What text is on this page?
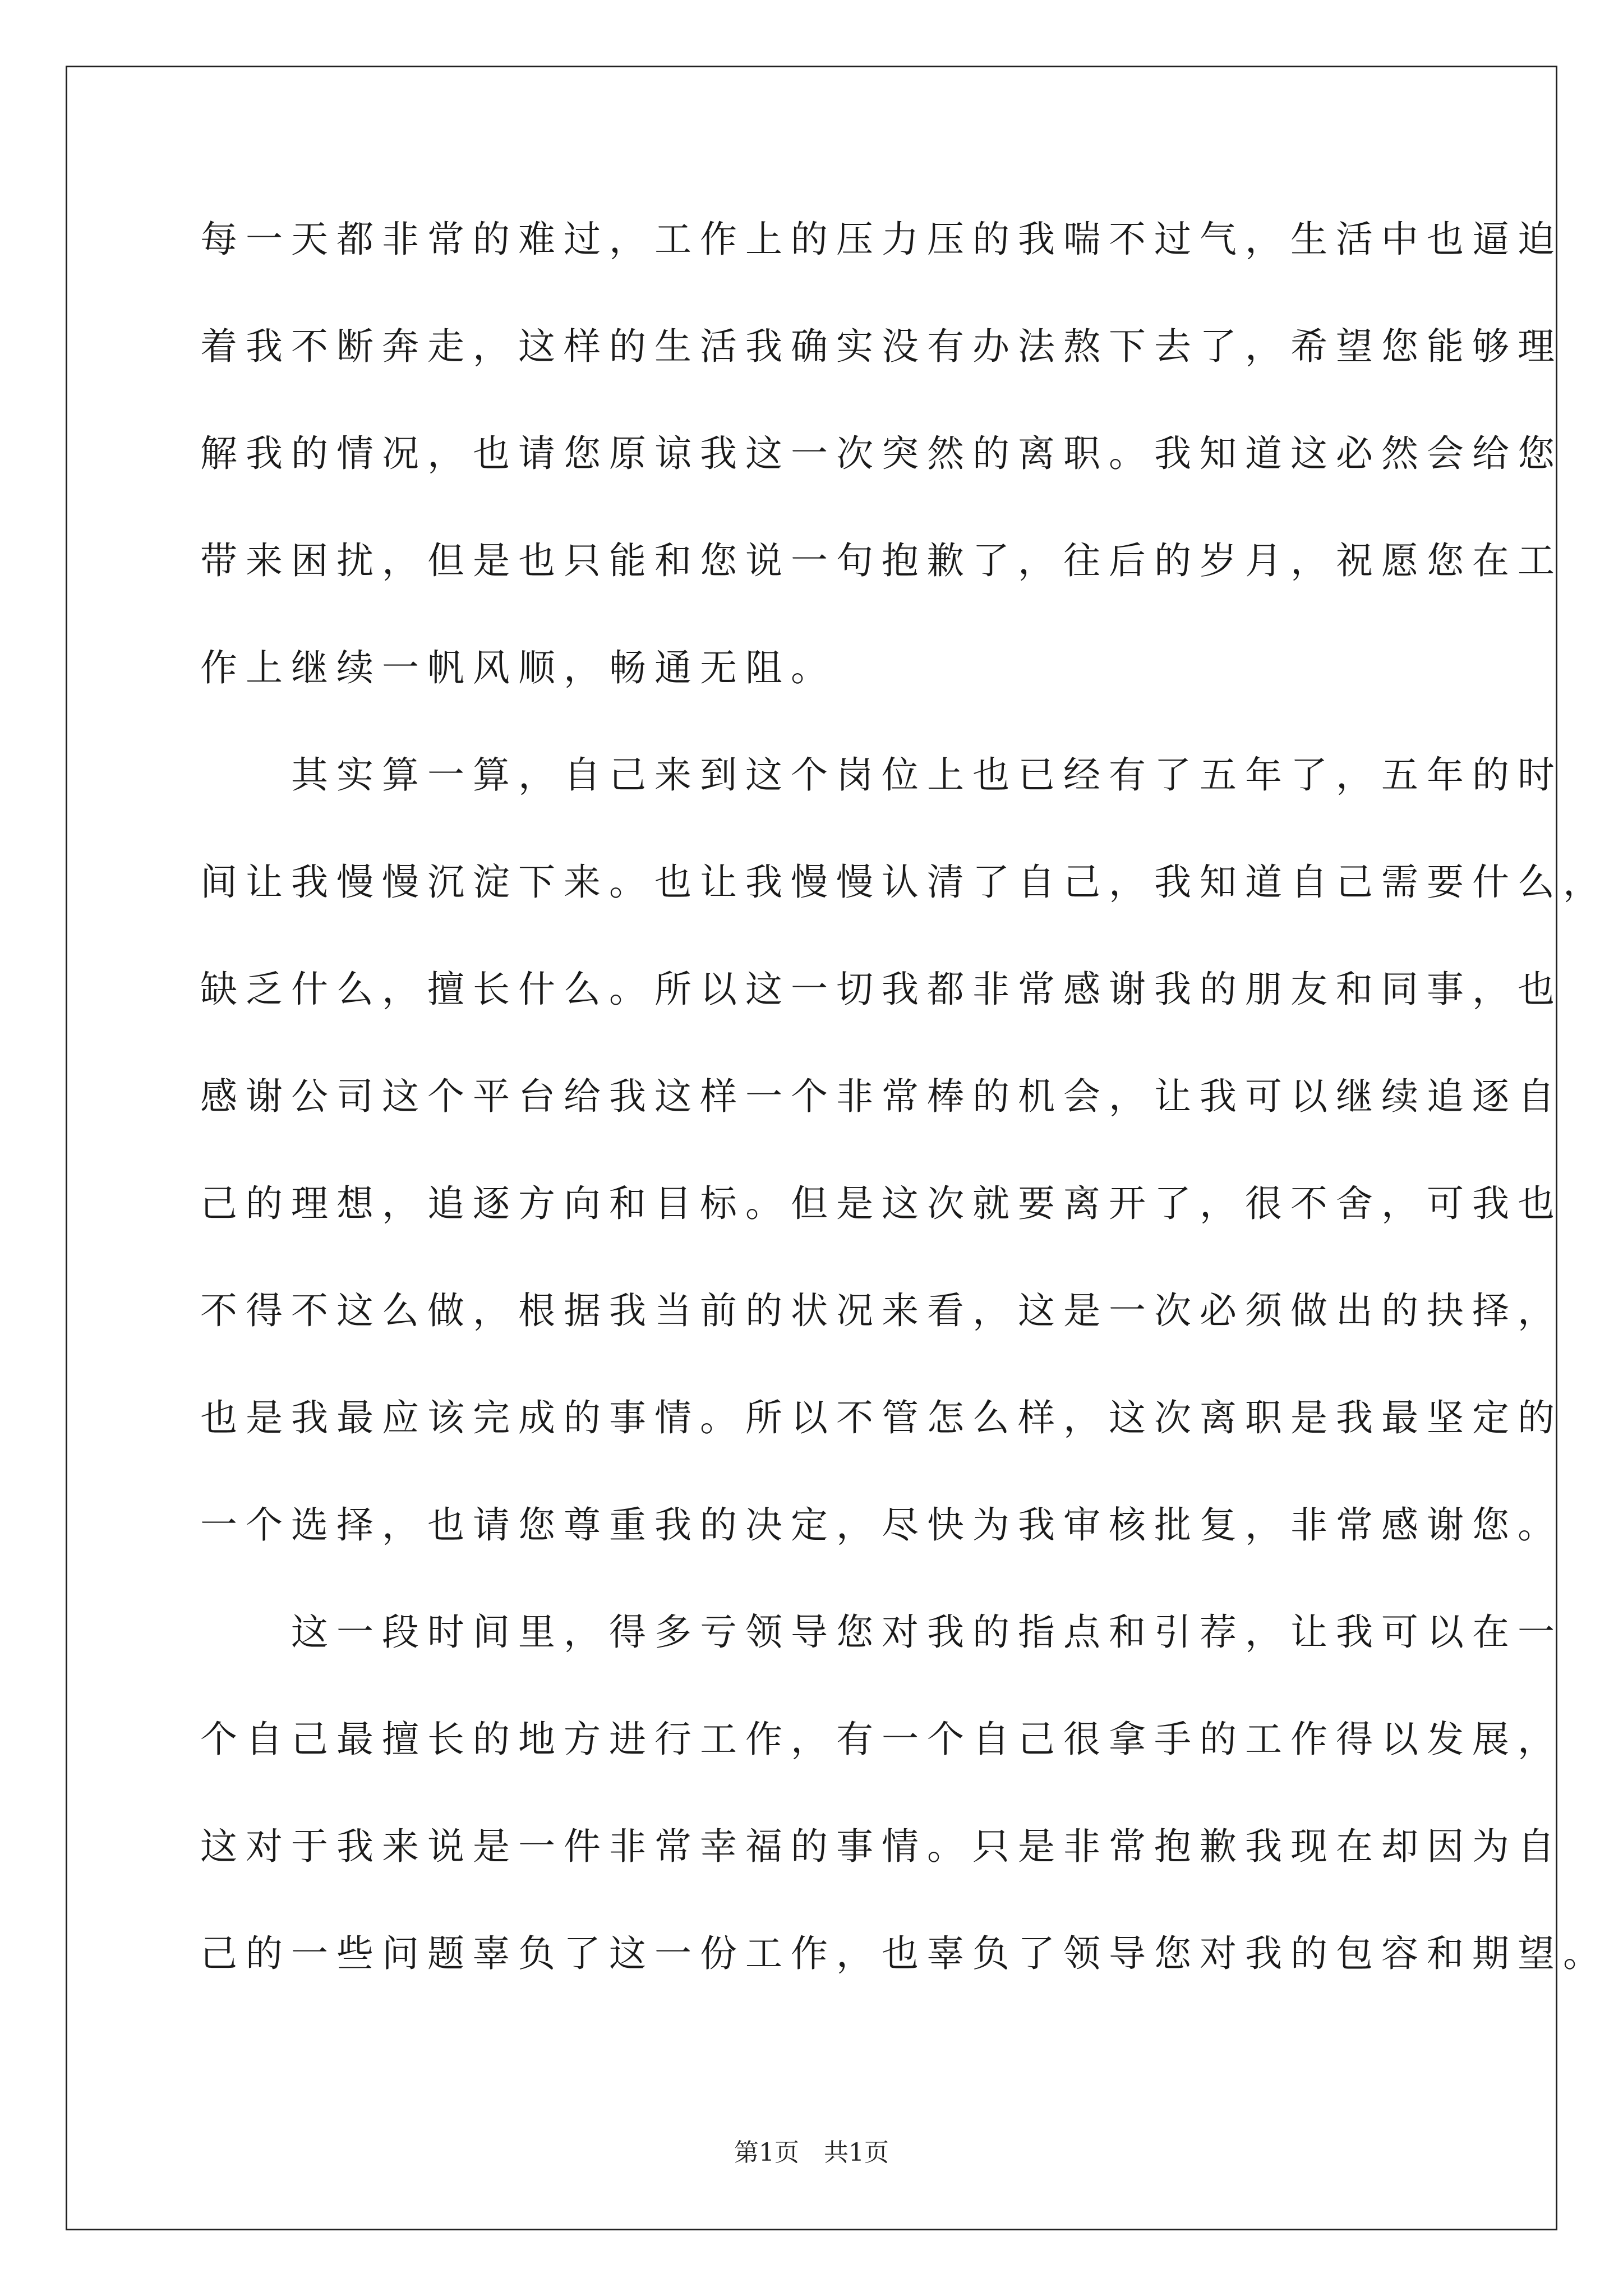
每一天都非常的难过，工作上的压力压的我喘不过气，生活中也逼迫
着我不断奔走，这样的生活我确实没有办法熬下去了，希望您能够理
解我的情况，也请您原谅我这一次突然的离职。我知道这必然会给您
带来困扰，但是也只能和您说一句抱歉了，往后的岁月，祝愿您在工
作上继续一帆风顺，畅通无阻。
　　其实算一算，自己来到这个岗位上也已经有了五年了，五年的时
间让我慢慢沉淀下来。也让我慢慢认清了自己，我知道自己需要什么，
缺乏什么，擅长什么。所以这一切我都非常感谢我的朋友和同事，也
感谢公司这个平台给我这样一个非常棒的机会，让我可以继续追逐自
己的理想，追逐方向和目标。但是这次就要离开了，很不舍，可我也
不得不这么做，根据我当前的状况来看，这是一次必须做出的抉择，
也是我最应该完成的事情。所以不管怎么样，这次离职是我最坚定的
一个选择，也请您尊重我的决定，尽快为我审核批复，非常感谢您。
　　这一段时间里，得多亏领导您对我的指点和引荐，让我可以在一
个自己最擅长的地方进行工作，有一个自己很拿手的工作得以发展，
这对于我来说是一件非常幸福的事情。只是非常抱歉我现在却因为自
己的一些问题辜负了这一份工作，也辜负了领导您对我的包容和期望。
第1页　共1页
